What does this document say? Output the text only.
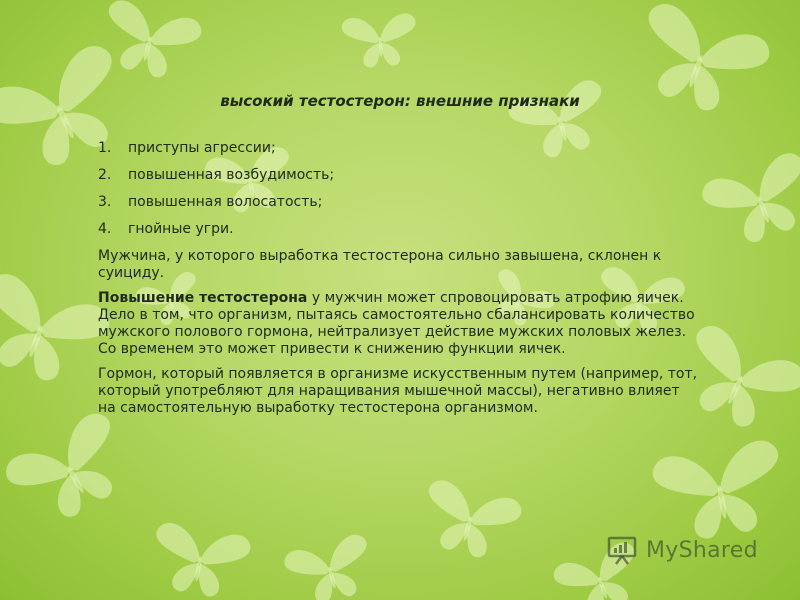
высокий тестостерон: внешние признаки
1.	приступы агрессии;
2.	повышенная возбудимость;
3.	повышенная волосатость;
4.	гнойные угри.

Мужчина, у которого выработка тестостерона сильно завышена, склонен к суициду.

Повышение тестостерона у мужчин может спровоцировать атрофию яичек. Дело в том, что организм, пытаясь самостоятельно сбалансировать количество мужского полового гормона, нейтрализует действие мужских половых желез. Со временем это может привести к снижению функции яичек.

Гормон, который появляется в организме искусственным путем (например, тот, который употребляют для наращивания мышечной массы), негативно влияет на самостоятельную выработку тестостерона организмом.

MyShared
